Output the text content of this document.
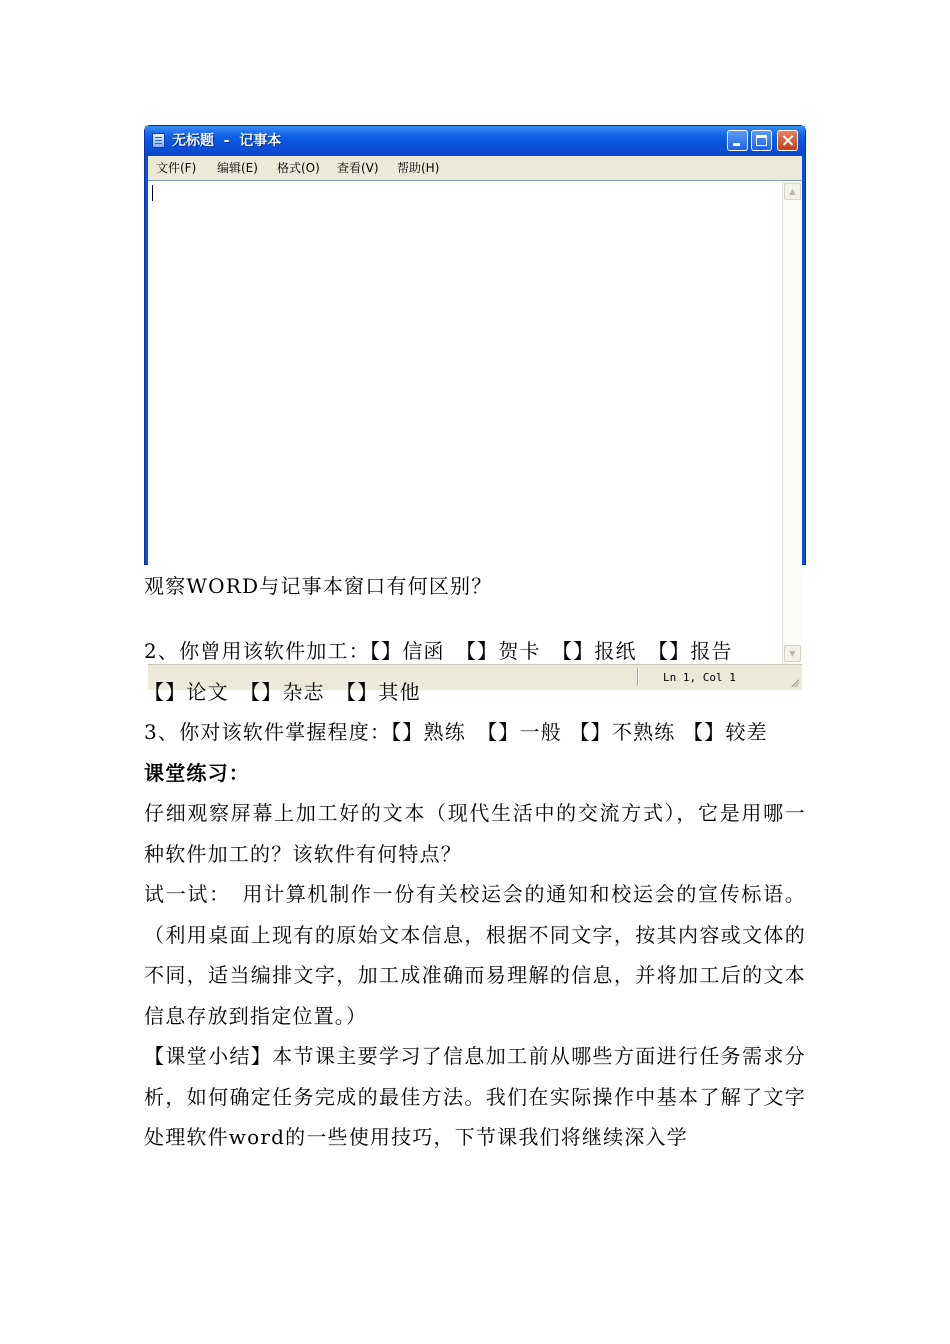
无标题  -  记事本
文件(F) 编辑(E) 格式(O) 查看(V) 帮助(H)
▲
▼
Ln 1, Col 1
观察WORD与记事本窗口有何区别？

2、你曾用该软件加工：【】信函　【】贺卡　【】报纸　【】报告

【】论文　【】杂志　【】其他

3、你对该软件掌握程度：【】熟练　【】一般 【】不熟练 【】较差

课堂练习：

仔细观察屏幕上加工好的文本（现代生活中的交流方式），它是用哪一种软件加工的？该软件有何特点？

试一试：　用计算机制作一份有关校运会的通知和校运会的宣传标语。（利用桌面上现有的原始文本信息，根据不同文字，按其内容或文体的不同，适当编排文字，加工成准确而易理解的信息，并将加工后的文本信息存放到指定位置。）

【课堂小结】本节课主要学习了信息加工前从哪些方面进行任务需求分析，如何确定任务完成的最佳方法。我们在实际操作中基本了解了文字处理软件word的一些使用技巧，下节课我们将继续深入学
